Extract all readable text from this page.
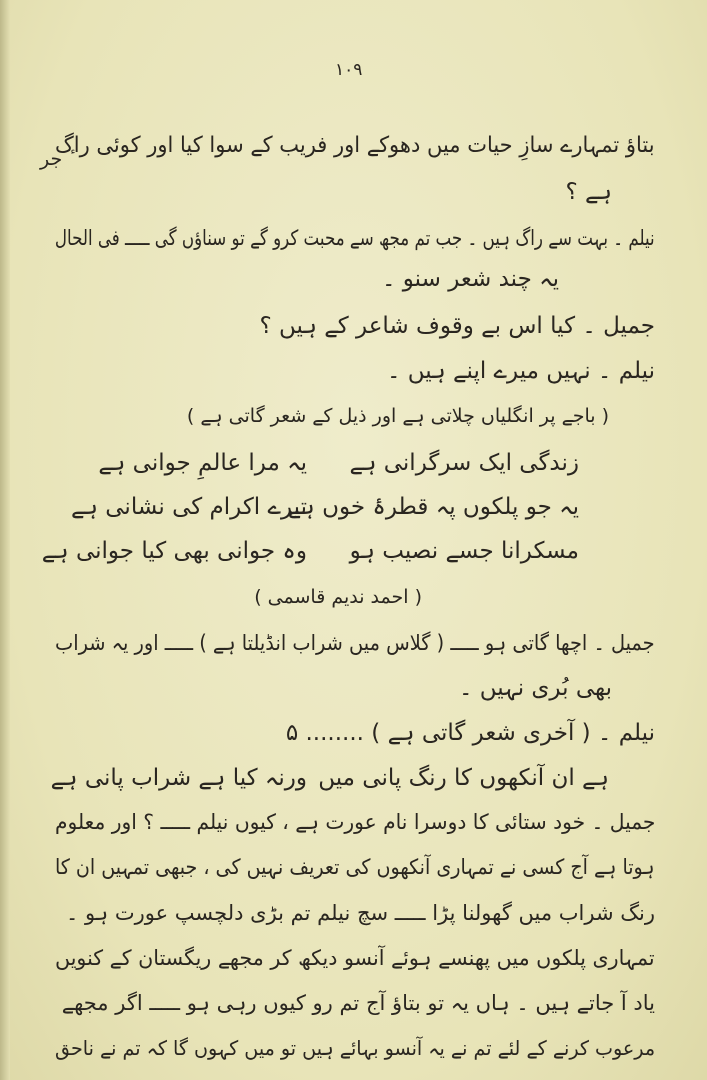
١٠٩
ٔ جر
بتاؤ تمہارے سازِ حیات میں دھوکے اور فریب کے سوا کیا اور کوئی راگ
ہے ؟
نیلم ۔ بہت سے راگ ہیں ۔ جب تم مجھ سے محبت کرو گے تو سناؤں گی ـــــ فی الحال
یہ چند شعر سنو ۔
جمیل ۔ کیا اس بے وقوف شاعر کے ہیں ؟
نیلم ۔ نہیں میرے اپنے ہیں ۔
( باجے پر انگلیاں چلاتی ہے اور ذیل کے شعر گاتی ہے )
زندگی ایک سرگرانی ہے
یہ مرا عالمِ جوانی ہے
یہ جو پلکوں پہ قطرۂ خوں ہے
تیرے اکرام کی نشانی ہے
مسکرانا جسے نصیب ہو
وہ جوانی بھی کیا جوانی ہے
( احمد ندیم قاسمی )
جمیل ۔ اچھا گاتی ہو ـــــ ( گلاس میں شراب انڈیلتا ہے ) ـــــ اور یہ شراب
بھی بُری نہیں ۔
نیلم ۔ ( آخری شعر گاتی ہے ) ........ ۵
ہے ان آنکھوں کا رنگ پانی میں
ورنہ کیا ہے شراب پانی ہے
جمیل ۔ خود ستائی کا دوسرا نام عورت ہے ، کیوں نیلم ـــــ ؟ اور معلوم
ہوتا ہے آج کسی نے تمہاری آنکھوں کی تعریف نہیں کی ، جبھی تمہیں ان کا
رنگ شراب میں گھولنا پڑا ـــــ سچ نیلم تم بڑی دلچسپ عورت ہو ۔
تمہاری پلکوں میں پھنسے ہوئے آنسو دیکھ کر مجھے ریگستان کے کنویں
یاد آ جاتے ہیں ۔ ہاں یہ تو بتاؤ آج تم رو کیوں رہی ہو ـــــ اگر مجھے
مرعوب کرنے کے لئے تم نے یہ آنسو بہائے ہیں تو میں کہوں گا کہ تم نے ناحق
